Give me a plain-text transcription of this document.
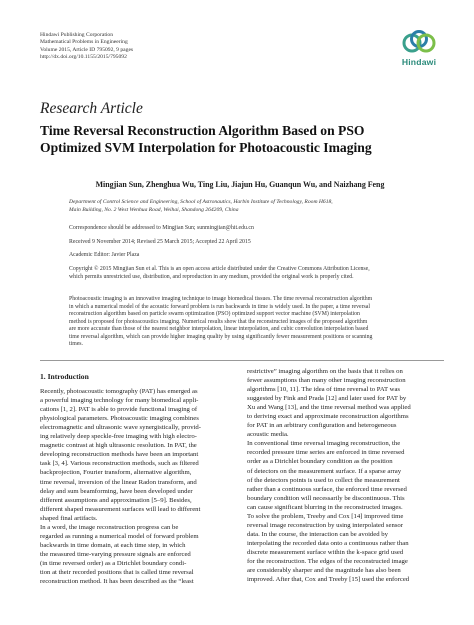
Hindawi Publishing Corporation
Mathematical Problems in Engineering
Volume 2015, Article ID 795092, 9 pages
http://dx.doi.org/10.1155/2015/795092	Hindawi
Research Article
Time Reversal Reconstruction Algorithm Based on PSO
Optimized SVM Interpolation for Photoacoustic Imaging
Mingjian Sun, Zhenghua Wu, Ting Liu, Jiajun Hu, Guanqun Wu, and Naizhang Feng
Department of Control Science and Engineering, School of Astronautics, Harbin Institute of Technology, Room H618,
Main Building, No. 2 West Wenhua Road, Weihai, Shandong 264209, China
Correspondence should be addressed to Mingjian Sun; sunmingjian@hit.edu.cn
Received 9 November 2014; Revised 25 March 2015; Accepted 22 April 2015
Academic Editor: Javier Plaza
Copyright © 2015 Mingjian Sun et al. This is an open access article distributed under the Creative Commons Attribution License,
which permits unrestricted use, distribution, and reproduction in any medium, provided the original work is properly cited.
Photoacoustic imaging is an innovative imaging technique to image biomedical tissues. The time reversal reconstruction algorithm
in which a numerical model of the acoustic forward problem is run backwards in time is widely used. In the paper, a time reversal
reconstruction algorithm based on particle swarm optimization (PSO) optimized support vector machine (SVM) interpolation
method is proposed for photoacoustics imaging. Numerical results show that the reconstructed images of the proposed algorithm
are more accurate than those of the nearest neighbor interpolation, linear interpolation, and cubic convolution interpolation based
time reversal algorithm, which can provide higher imaging quality by using significantly fewer measurement positions or scanning
times.
1. Introduction
Recently, photoacoustic tomography (PAT) has emerged as
a powerful imaging technology for many biomedical appli-
cations [1, 2]. PAT is able to provide functional imaging of
physiological parameters. Photoacoustic imaging combines
electromagnetic and ultrasonic wave synergistically, provid-
ing relatively deep speckle-free imaging with high electro-
magnetic contrast at high ultrasonic resolution. In PAT, the
developing reconstruction methods have been an important
task [3, 4]. Various reconstruction methods, such as filtered
backprojection, Fourier transform, alternative algorithm,
time reversal, inversion of the linear Radon transform, and
delay and sum beamforming, have been developed under
different assumptions and approximation [5–9]. Besides,
different shaped measurement surfaces will lead to different
shaped final artifacts.
In a word, the image reconstruction progress can be
regarded as running a numerical model of forward problem
backwards in time domain, at each time step, in which
the measured time-varying pressure signals are enforced
(in time reversed order) as a Dirichlet boundary condi-
tion at their recorded positions that is called time reversal
reconstruction method. It has been described as the “least
restrictive” imaging algorithm on the basis that it relies on
fewer assumptions than many other imaging reconstruction
algorithms [10, 11]. The idea of time reversal to PAT was
suggested by Fink and Prada [12] and later used for PAT by
Xu and Wang [13], and the time reversal method was applied
to deriving exact and approximate reconstruction algorithms
for PAT in an arbitrary configuration and heterogeneous
acoustic media.
In conventional time reversal imaging reconstruction, the
recorded pressure time series are enforced in time reversed
order as a Dirichlet boundary condition as the position
of detectors on the measurement surface. If a sparse array
of the detectors points is used to collect the measurement
rather than a continuous surface, the enforced time reversed
boundary condition will necessarily be discontinuous. This
can cause significant blurring in the reconstructed images.
To solve the problem, Treeby and Cox [14] improved time
reversal image reconstruction by using interpolated sensor
data. In the course, the interaction can be avoided by
interpolating the recorded data onto a continuous rather than
discrete measurement surface within the k-space grid used
for the reconstruction. The edges of the reconstructed image
are considerably sharper and the magnitude has also been
improved. After that, Cox and Treeby [15] used the enforced
